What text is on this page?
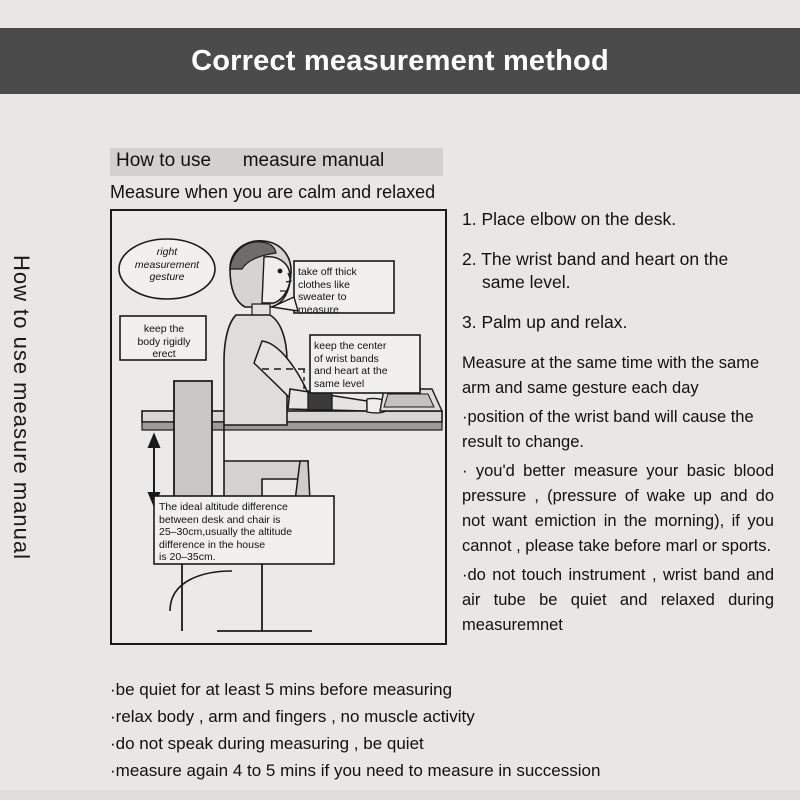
Correct measurement method
How to use measure manual
How to use      measure manual
Measure when you are calm and relaxed
right
measurement
gesture
keep the
body rigidly
erect
take off thick
clothes like
sweater to
measure
keep the center
of wrist bands
and heart at the
same level
The ideal altitude difference
between desk and chair is
25–30cm,usually the altitude
difference in the house
is 20–35cm.
1. Place elbow on the desk.
2. The wrist band and heart on the
same level.
3. Palm up and relax.
Measure at the same time with the same arm and same gesture each day
·position of the wrist band will cause the result to change.
· you'd better measure your basic blood pressure , (pressure of wake up and do not want emiction in the morning), if you cannot , please take before marl or sports.
·do not touch instrument , wrist band and air tube be quiet and relaxed during measuremnet
·be quiet for at least 5 mins before measuring
·relax body , arm and fingers , no muscle activity
·do not speak during measuring , be quiet
·measure again 4 to 5 mins if you need to measure in succession
